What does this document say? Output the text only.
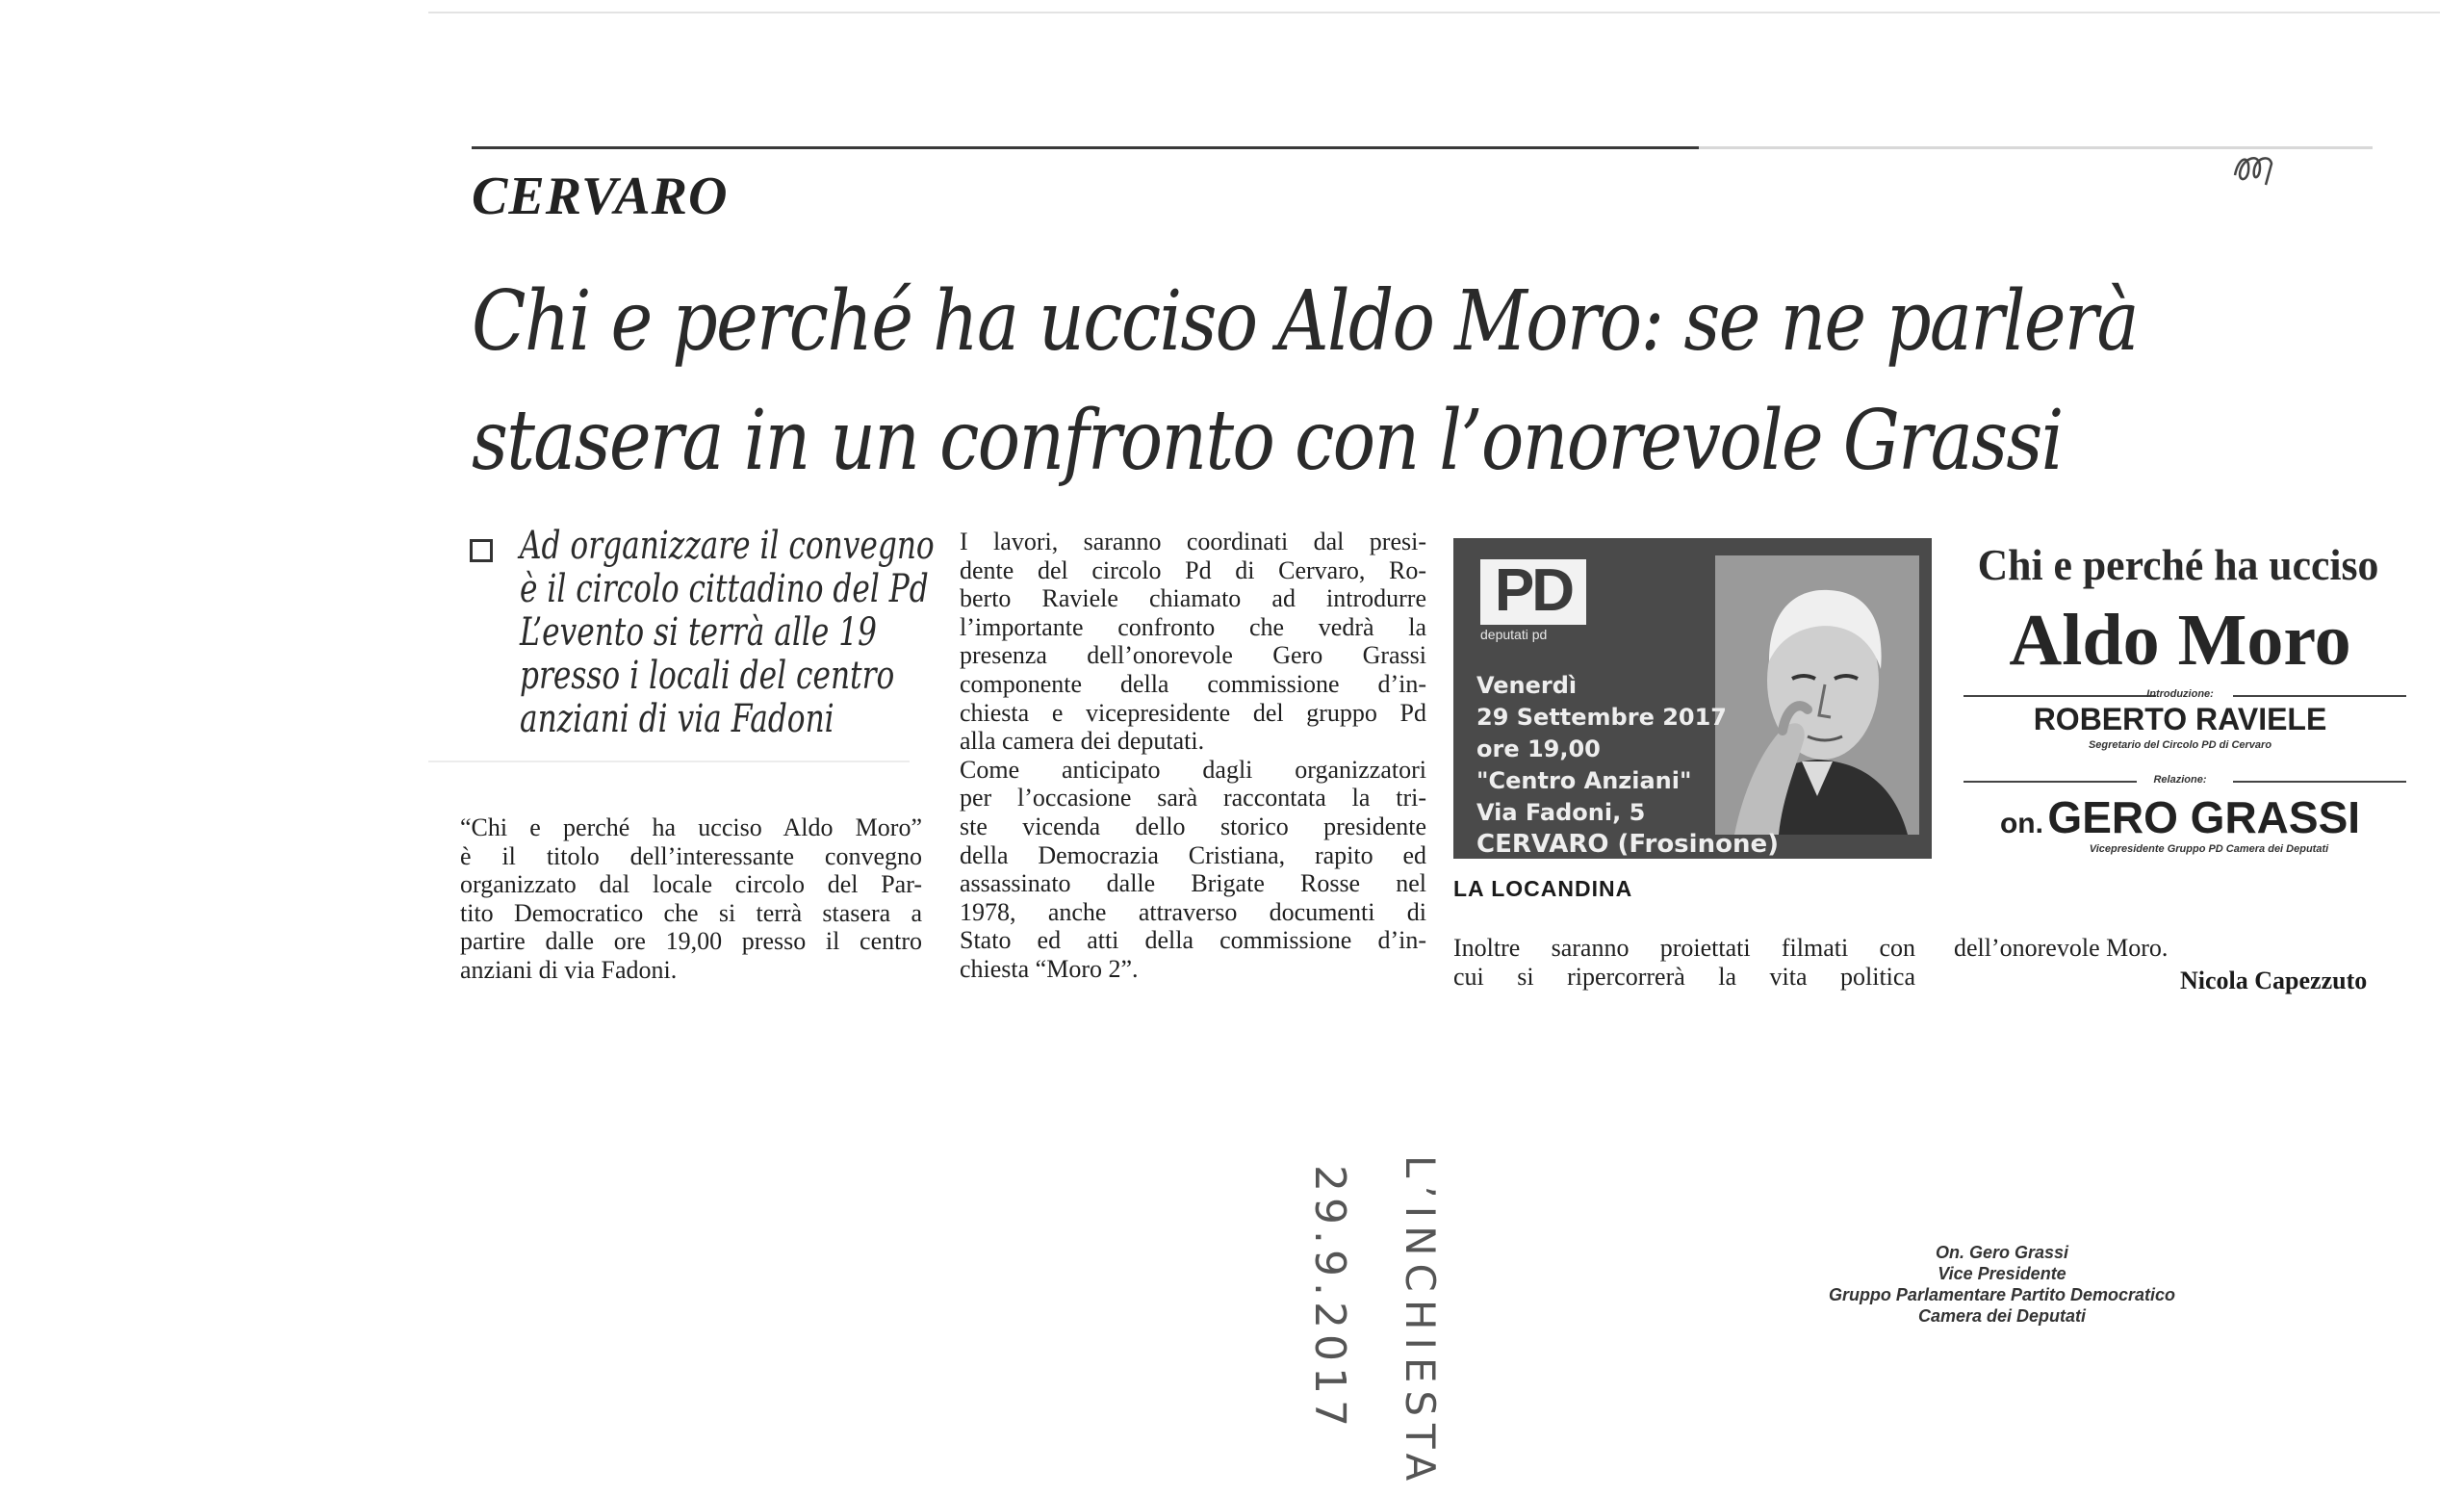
CERVARO
Chi e perché ha ucciso Aldo Moro: se ne parlerà
stasera in un confronto con l’onorevole Grassi
Ad organizzare il convegno
è il circolo cittadino del Pd
L’evento si terrà alle 19
presso i locali del centro
anziani di via Fadoni
“Chi e perché ha ucciso Aldo Moro”
è il titolo dell’interessante convegno
organizzato dal locale circolo del Par-
tito Democratico che si terrà stasera a
partire dalle ore 19,00 presso il centro
anziani di via Fadoni.
I lavori, saranno coordinati dal presi-
dente del circolo Pd di Cervaro, Ro-
berto Raviele chiamato ad introdurre
l’importante confronto che vedrà la
presenza dell’onorevole Gero Grassi
componente della commissione d’in-
chiesta e vicepresidente del gruppo Pd
alla camera dei deputati.
Come anticipato dagli organizzatori
per l’occasione sarà raccontata la tri-
ste vicenda dello storico presidente
della Democrazia Cristiana, rapito ed
assassinato dalle Brigate Rosse nel
1978, anche attraverso documenti di
Stato ed atti della commissione d’in-
chiesta “Moro 2”.
PD
deputati pd
Venerdì
29 Settembre 2017
ore 19,00
"Centro Anziani"
Via Fadoni, 5
CERVARO (Frosinone)
LA LOCANDINA
Chi e perché ha ucciso
Aldo Moro
Introduzione:
ROBERTO RAVIELE
Segretario del Circolo PD di Cervaro
Relazione:
on. GERO GRASSI
Vicepresidente Gruppo PD Camera dei Deputati
Inoltre saranno proiettati filmati con
cui si ripercorrerà la vita politica
dell’onorevole Moro.
Nicola Capezzuto
29.9.2017 L’INCHIESTA	On. Gero Grassi
Vice Presidente
Gruppo Parlamentare Partito Democratico
Camera dei Deputati
